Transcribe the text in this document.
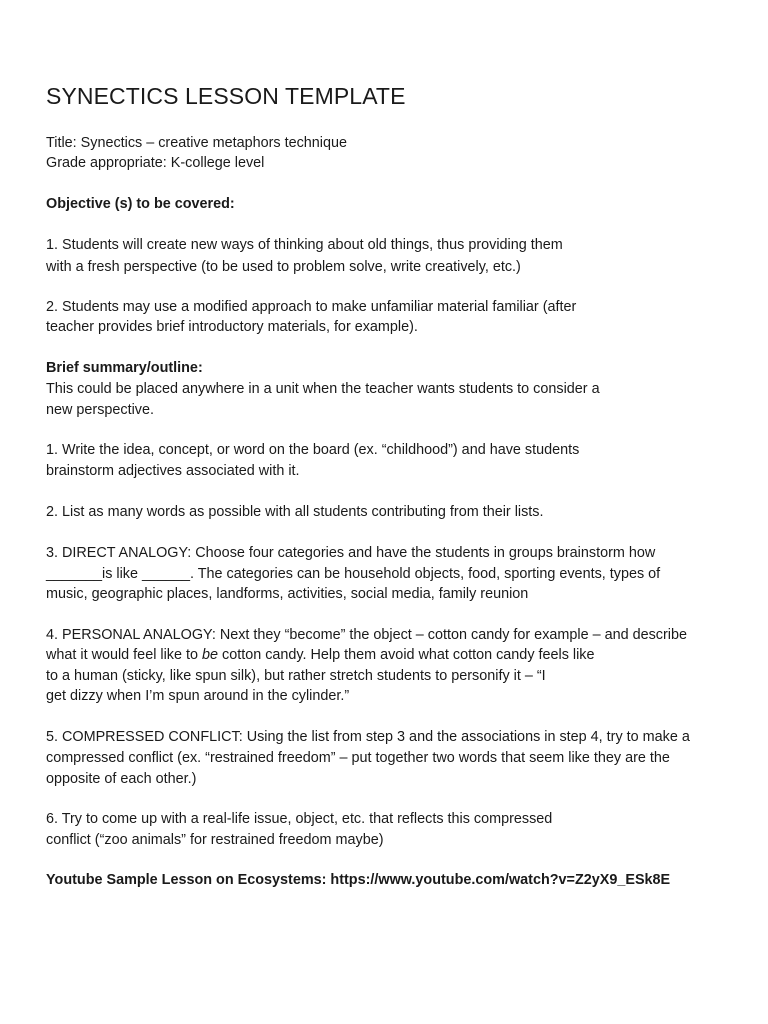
SYNECTICS LESSON TEMPLATE
Title: Synectics – creative metaphors technique
Grade appropriate: K-college level
Objective (s) to be covered:
1. Students will create new ways of thinking about old things, thus providing them
with a fresh perspective (to be used to problem solve, write creatively, etc.)
2. Students may use a modified approach to make unfamiliar material familiar (after
teacher provides brief introductory materials, for example).
Brief summary/outline:
This could be placed anywhere in a unit when the teacher wants students to consider a
new perspective.
1. Write the idea, concept, or word on the board (ex. “childhood”) and have students
brainstorm adjectives associated with it.
2. List as many words as possible with all students contributing from their lists.
3. DIRECT ANALOGY: Choose four categories and have the students in groups brainstorm how
_______is like ______. The categories can be household objects, food, sporting events, types of
music, geographic places, landforms, activities, social media, family reunion
4. PERSONAL ANALOGY: Next they “become” the object – cotton candy for example – and describe
what it would feel like to be cotton candy. Help them avoid what cotton candy feels like
to a human (sticky, like spun silk), but rather stretch students to personify it – “I
get dizzy when I’m spun around in the cylinder.”
5. COMPRESSED CONFLICT: Using the list from step 3 and the associations in step 4, try to make a
compressed conflict (ex. “restrained freedom” – put together two words that seem like they are the
opposite of each other.)
6. Try to come up with a real-life issue, object, etc. that reflects this compressed
conflict (“zoo animals” for restrained freedom maybe)
Youtube Sample Lesson on Ecosystems: https://www.youtube.com/watch?v=Z2yX9_ESk8E
